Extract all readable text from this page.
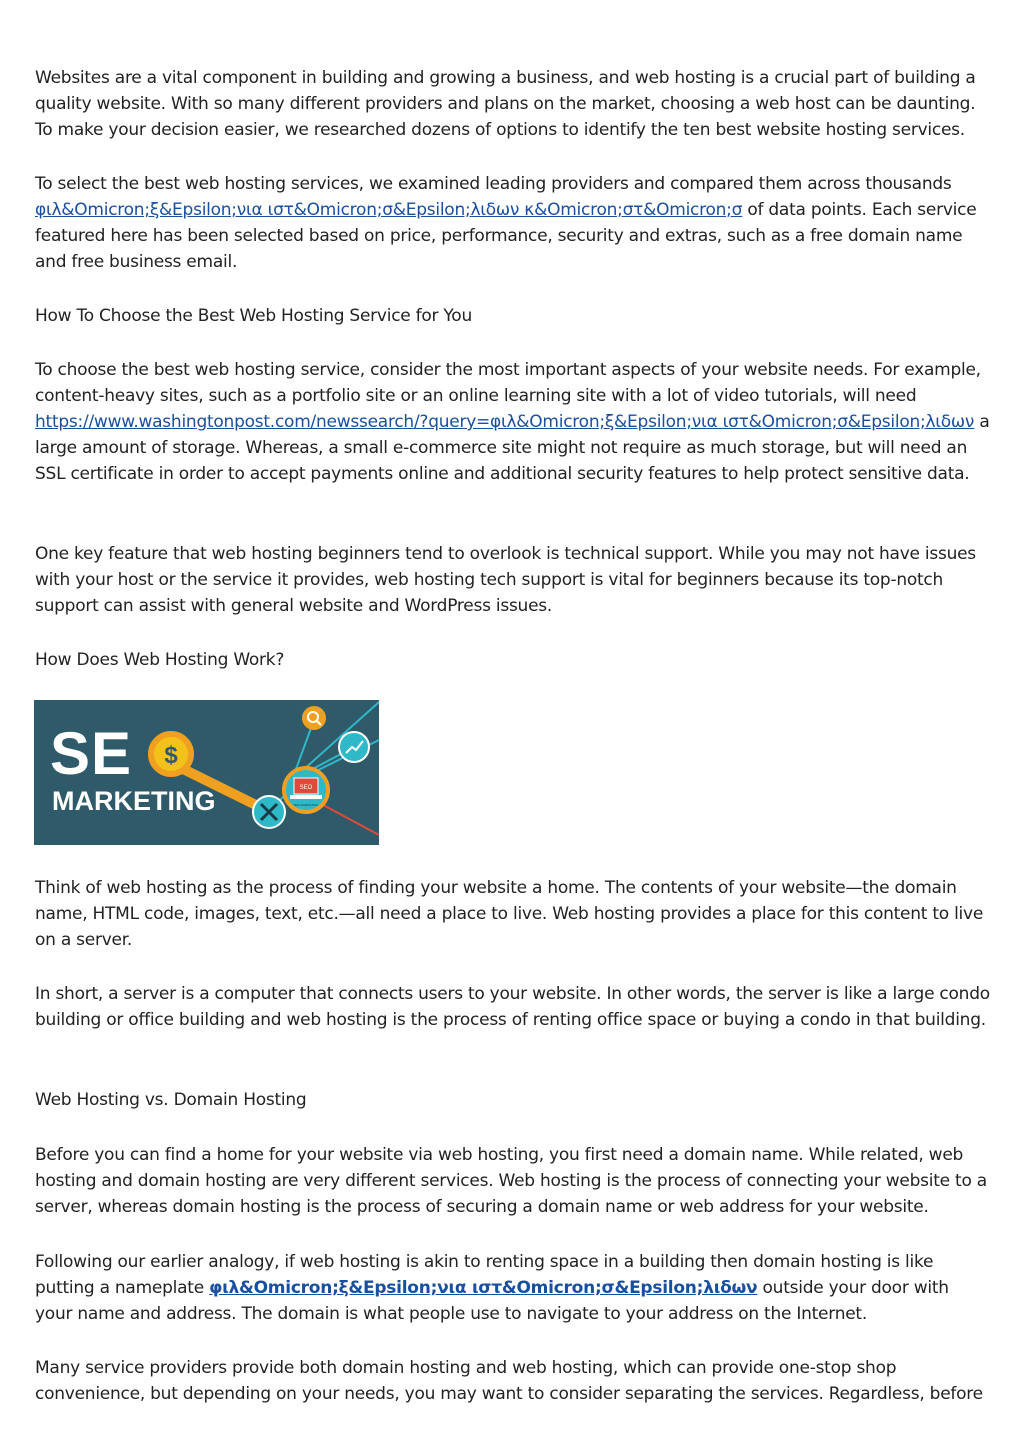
Websites are a vital component in building and growing a business, and web hosting is a crucial part of building a quality website. With so many different providers and plans on the market, choosing a web host can be daunting. To make your decision easier, we researched dozens of options to identify the ten best website hosting services.

To select the best web hosting services, we examined leading providers and compared them across thousands φιλ&Omicron;ξ&Epsilon;νια ιστ&Omicron;σ&Epsilon;λιδων κ&Omicron;στ&Omicron;σ of data points. Each service featured here has been selected based on price, performance, security and extras, such as a free domain name and free business email.

How To Choose the Best Web Hosting Service for You

To choose the best web hosting service, consider the most important aspects of your website needs. For example, content-heavy sites, such as a portfolio site or an online learning site with a lot of video tutorials, will need https://www.washingtonpost.com/newssearch/?query=φιλ&Omicron;ξ&Epsilon;νια ιστ&Omicron;σ&Epsilon;λιδων a large amount of storage. Whereas, a small e-commerce site might not require as much storage, but will need an SSL certificate in order to accept payments online and additional security features to help protect sensitive data.

One key feature that web hosting beginners tend to overlook is technical support. While you may not have issues with your host or the service it provides, web hosting tech support is vital for beginners because its top-notch support can assist with general website and WordPress issues.

How Does Web Hosting Work?

$
SEO
SEO MARKETING
SE
MARKETING

Think of web hosting as the process of finding your website a home. The contents of your website—the domain name, HTML code, images, text, etc.—all need a place to live. Web hosting provides a place for this content to live on a server.

In short, a server is a computer that connects users to your website. In other words, the server is like a large condo building or office building and web hosting is the process of renting office space or buying a condo in that building.

Web Hosting vs. Domain Hosting

Before you can find a home for your website via web hosting, you first need a domain name. While related, web hosting and domain hosting are very different services. Web hosting is the process of connecting your website to a server, whereas domain hosting is the process of securing a domain name or web address for your website.

Following our earlier analogy, if web hosting is akin to renting space in a building then domain hosting is like putting a nameplate φιλ&Omicron;ξ&Epsilon;νια ιστ&Omicron;σ&Epsilon;λιδων outside your door with your name and address. The domain is what people use to navigate to your address on the Internet.

Many service providers provide both domain hosting and web hosting, which can provide one-stop shop convenience, but depending on your needs, you may want to consider separating the services. Regardless, before
